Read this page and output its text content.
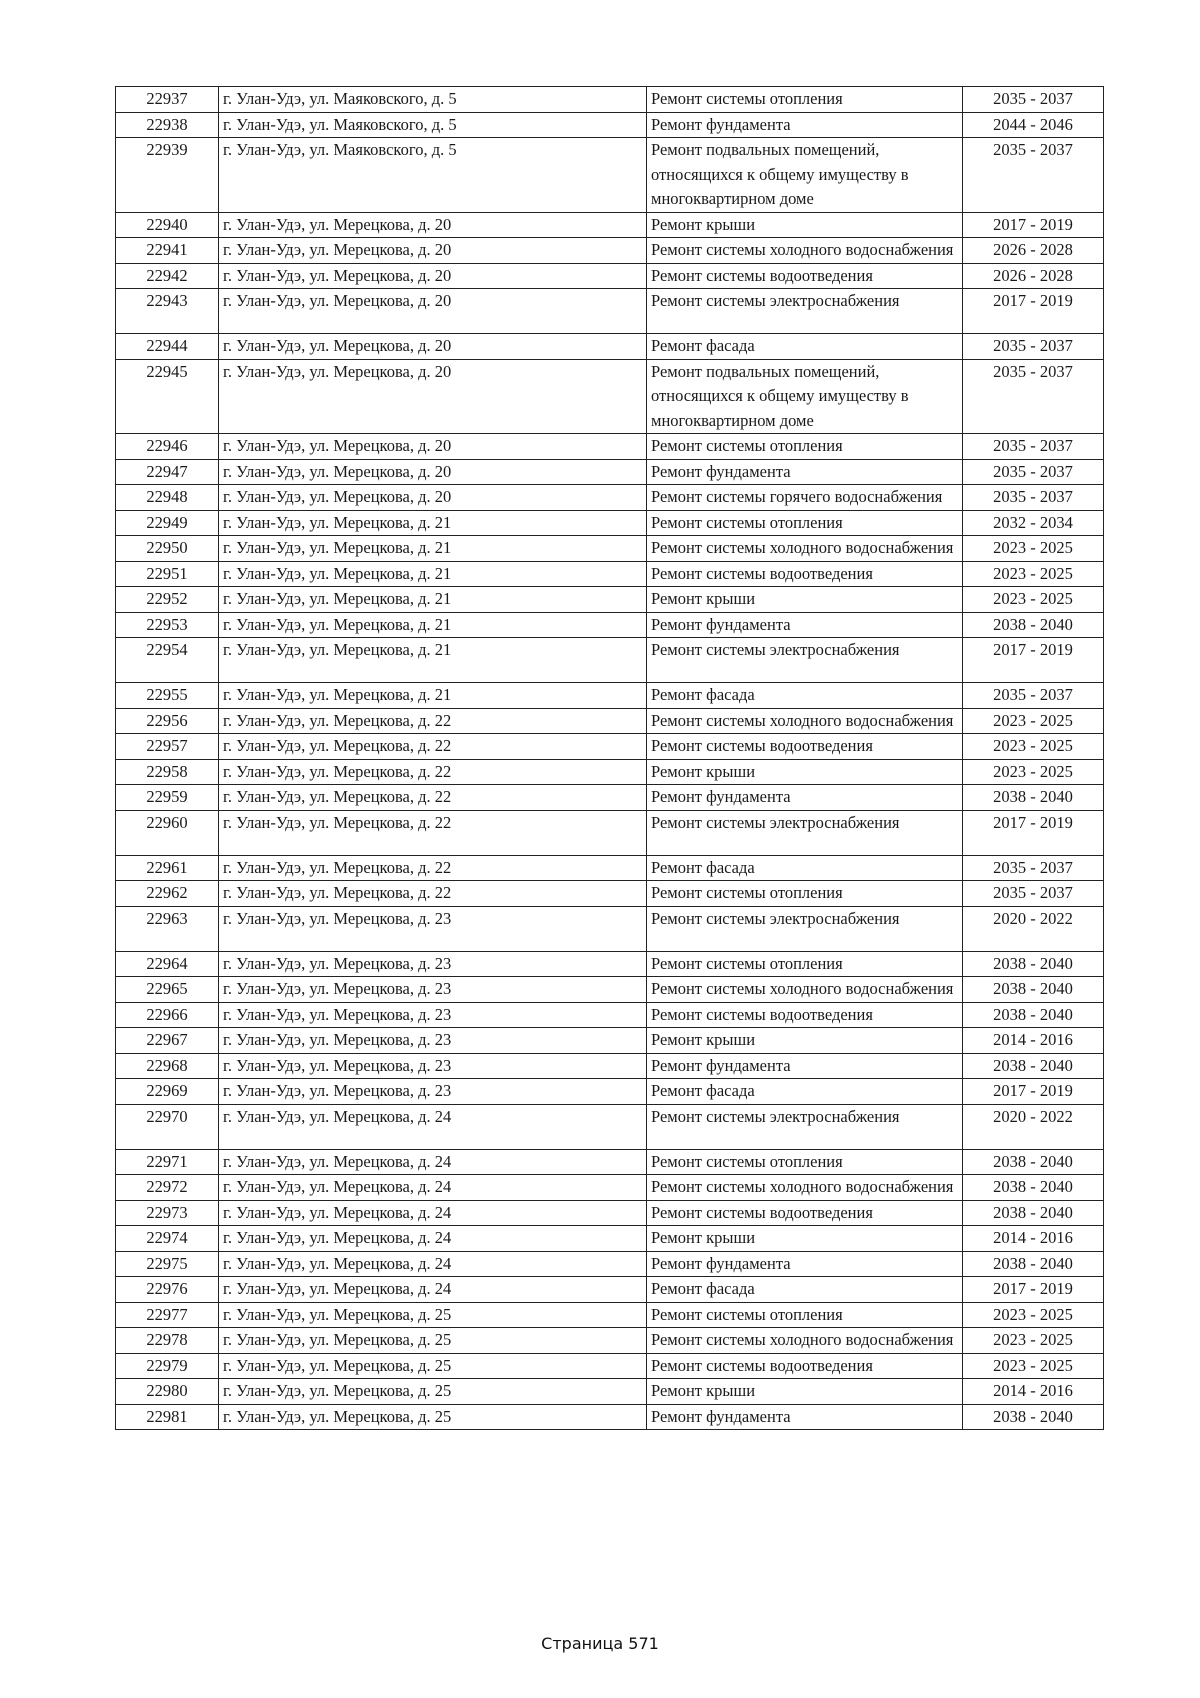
22937	г. Улан-Удэ, ул. Маяковского, д. 5	Ремонт системы отопления	2035 - 2037
22938	г. Улан-Удэ, ул. Маяковского, д. 5	Ремонт фундамента	2044 - 2046
22939	г. Улан-Удэ, ул. Маяковского, д. 5	Ремонт подвальных помещений, относящихся к общему имуществу в многоквартирном доме	2035 - 2037
22940	г. Улан-Удэ, ул. Мерецкова, д. 20	Ремонт крыши	2017 - 2019
22941	г. Улан-Удэ, ул. Мерецкова, д. 20	Ремонт системы холодного водоснабжения	2026 - 2028
22942	г. Улан-Удэ, ул. Мерецкова, д. 20	Ремонт системы водоотведения	2026 - 2028
22943	г. Улан-Удэ, ул. Мерецкова, д. 20	Ремонт системы электроснабжения	2017 - 2019
22944	г. Улан-Удэ, ул. Мерецкова, д. 20	Ремонт фасада	2035 - 2037
22945	г. Улан-Удэ, ул. Мерецкова, д. 20	Ремонт подвальных помещений, относящихся к общему имуществу в многоквартирном доме	2035 - 2037
22946	г. Улан-Удэ, ул. Мерецкова, д. 20	Ремонт системы отопления	2035 - 2037
22947	г. Улан-Удэ, ул. Мерецкова, д. 20	Ремонт фундамента	2035 - 2037
22948	г. Улан-Удэ, ул. Мерецкова, д. 20	Ремонт системы горячего водоснабжения	2035 - 2037
22949	г. Улан-Удэ, ул. Мерецкова, д. 21	Ремонт системы отопления	2032 - 2034
22950	г. Улан-Удэ, ул. Мерецкова, д. 21	Ремонт системы холодного водоснабжения	2023 - 2025
22951	г. Улан-Удэ, ул. Мерецкова, д. 21	Ремонт системы водоотведения	2023 - 2025
22952	г. Улан-Удэ, ул. Мерецкова, д. 21	Ремонт крыши	2023 - 2025
22953	г. Улан-Удэ, ул. Мерецкова, д. 21	Ремонт фундамента	2038 - 2040
22954	г. Улан-Удэ, ул. Мерецкова, д. 21	Ремонт системы электроснабжения	2017 - 2019
22955	г. Улан-Удэ, ул. Мерецкова, д. 21	Ремонт фасада	2035 - 2037
22956	г. Улан-Удэ, ул. Мерецкова, д. 22	Ремонт системы холодного водоснабжения	2023 - 2025
22957	г. Улан-Удэ, ул. Мерецкова, д. 22	Ремонт системы водоотведения	2023 - 2025
22958	г. Улан-Удэ, ул. Мерецкова, д. 22	Ремонт крыши	2023 - 2025
22959	г. Улан-Удэ, ул. Мерецкова, д. 22	Ремонт фундамента	2038 - 2040
22960	г. Улан-Удэ, ул. Мерецкова, д. 22	Ремонт системы электроснабжения	2017 - 2019
22961	г. Улан-Удэ, ул. Мерецкова, д. 22	Ремонт фасада	2035 - 2037
22962	г. Улан-Удэ, ул. Мерецкова, д. 22	Ремонт системы отопления	2035 - 2037
22963	г. Улан-Удэ, ул. Мерецкова, д. 23	Ремонт системы электроснабжения	2020 - 2022
22964	г. Улан-Удэ, ул. Мерецкова, д. 23	Ремонт системы отопления	2038 - 2040
22965	г. Улан-Удэ, ул. Мерецкова, д. 23	Ремонт системы холодного водоснабжения	2038 - 2040
22966	г. Улан-Удэ, ул. Мерецкова, д. 23	Ремонт системы водоотведения	2038 - 2040
22967	г. Улан-Удэ, ул. Мерецкова, д. 23	Ремонт крыши	2014 - 2016
22968	г. Улан-Удэ, ул. Мерецкова, д. 23	Ремонт фундамента	2038 - 2040
22969	г. Улан-Удэ, ул. Мерецкова, д. 23	Ремонт фасада	2017 - 2019
22970	г. Улан-Удэ, ул. Мерецкова, д. 24	Ремонт системы электроснабжения	2020 - 2022
22971	г. Улан-Удэ, ул. Мерецкова, д. 24	Ремонт системы отопления	2038 - 2040
22972	г. Улан-Удэ, ул. Мерецкова, д. 24	Ремонт системы холодного водоснабжения	2038 - 2040
22973	г. Улан-Удэ, ул. Мерецкова, д. 24	Ремонт системы водоотведения	2038 - 2040
22974	г. Улан-Удэ, ул. Мерецкова, д. 24	Ремонт крыши	2014 - 2016
22975	г. Улан-Удэ, ул. Мерецкова, д. 24	Ремонт фундамента	2038 - 2040
22976	г. Улан-Удэ, ул. Мерецкова, д. 24	Ремонт фасада	2017 - 2019
22977	г. Улан-Удэ, ул. Мерецкова, д. 25	Ремонт системы отопления	2023 - 2025
22978	г. Улан-Удэ, ул. Мерецкова, д. 25	Ремонт системы холодного водоснабжения	2023 - 2025
22979	г. Улан-Удэ, ул. Мерецкова, д. 25	Ремонт системы водоотведения	2023 - 2025
22980	г. Улан-Удэ, ул. Мерецкова, д. 25	Ремонт крыши	2014 - 2016
22981	г. Улан-Удэ, ул. Мерецкова, д. 25	Ремонт фундамента	2038 - 2040
Страница 571
